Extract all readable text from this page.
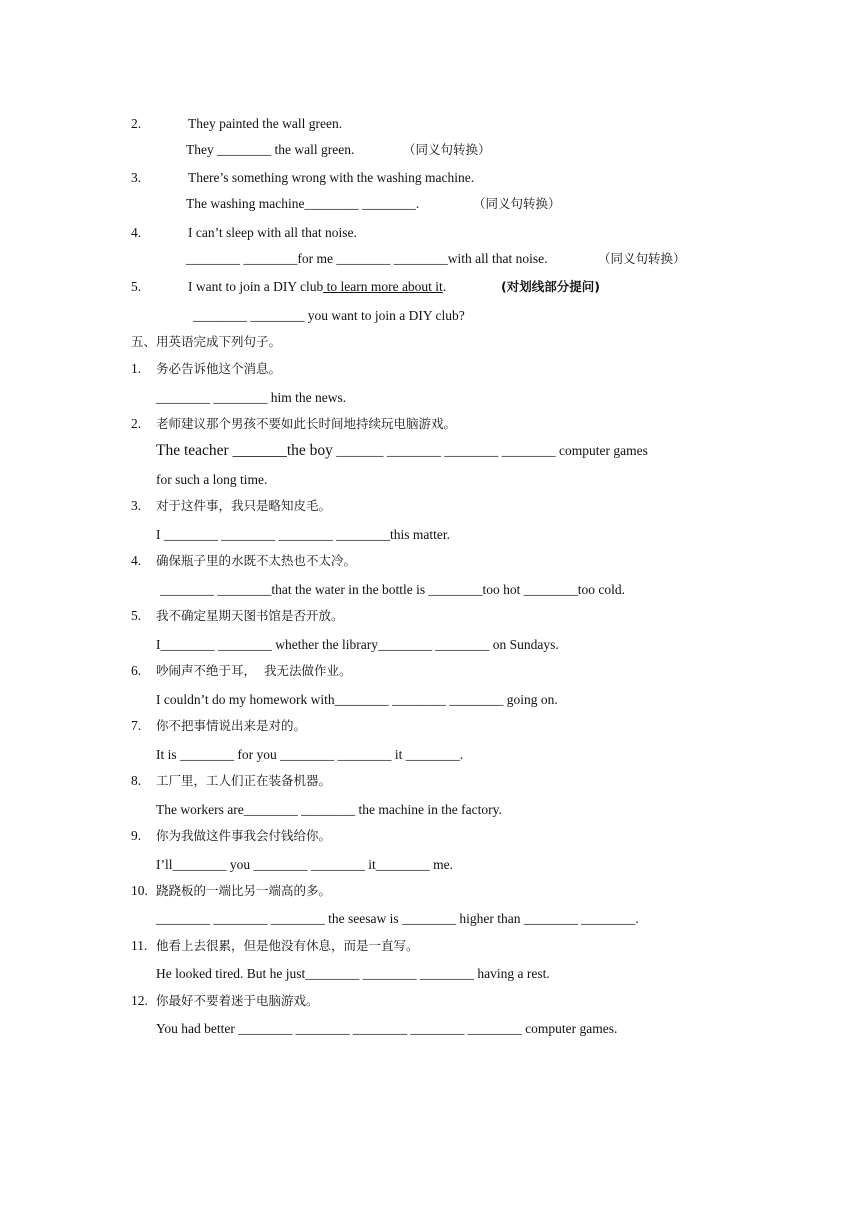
2.	They painted the wall green.
They ________ the wall green.	（同义句转换）
3.	There’s something wrong with the washing machine.
The washing machine________ ________.	（同义句转换）
4.	I can’t sleep with all that noise.
________ ________for me ________ ________with all that noise.	（同义句转换）
5.	I want to join a DIY club to learn more about it.	(对划线部分提问)
________ ________ you want to join a DIY club?
五、用英语完成下列句子。
1. 务必告诉他这个消息。
________ ________ him the news.
2. 老师建议那个男孩不要如此长时间地持续玩电脑游戏。
The teacher _______the boy _______ ________ ________ ________ computer games
for such a long time.
3. 对于这件事，我只是略知皮毛。
I ________ ________ ________ ________this matter.
4. 确保瓶子里的水既不太热也不太冷。
________ ________that the water in the bottle is ________too hot ________too cold.
5. 我不确定星期天图书馆是否开放。
I________ ________ whether the library________ ________ on Sundays.
6. 吵闹声不绝于耳，  我无法做作业。
I couldn’t do my homework with________ ________ ________ going on.
7. 你不把事情说出来是对的。
It is ________ for you ________ ________ it ________.
8. 工厂里，工人们正在装备机器。
The workers are________ ________ the machine in the factory.
9. 你为我做这件事我会付钱给你。
I’ll________ you ________ ________ it________ me.
10. 跷跷板的一端比另一端高的多。
________ ________ ________ the seesaw is ________ higher than ________ ________.
11. 他看上去很累，但是他没有休息，而是一直写。
He looked tired. But he just________ ________ ________ having a rest.
12. 你最好不要着迷于电脑游戏。
You had better ________ ________ ________ ________ ________ computer games.
